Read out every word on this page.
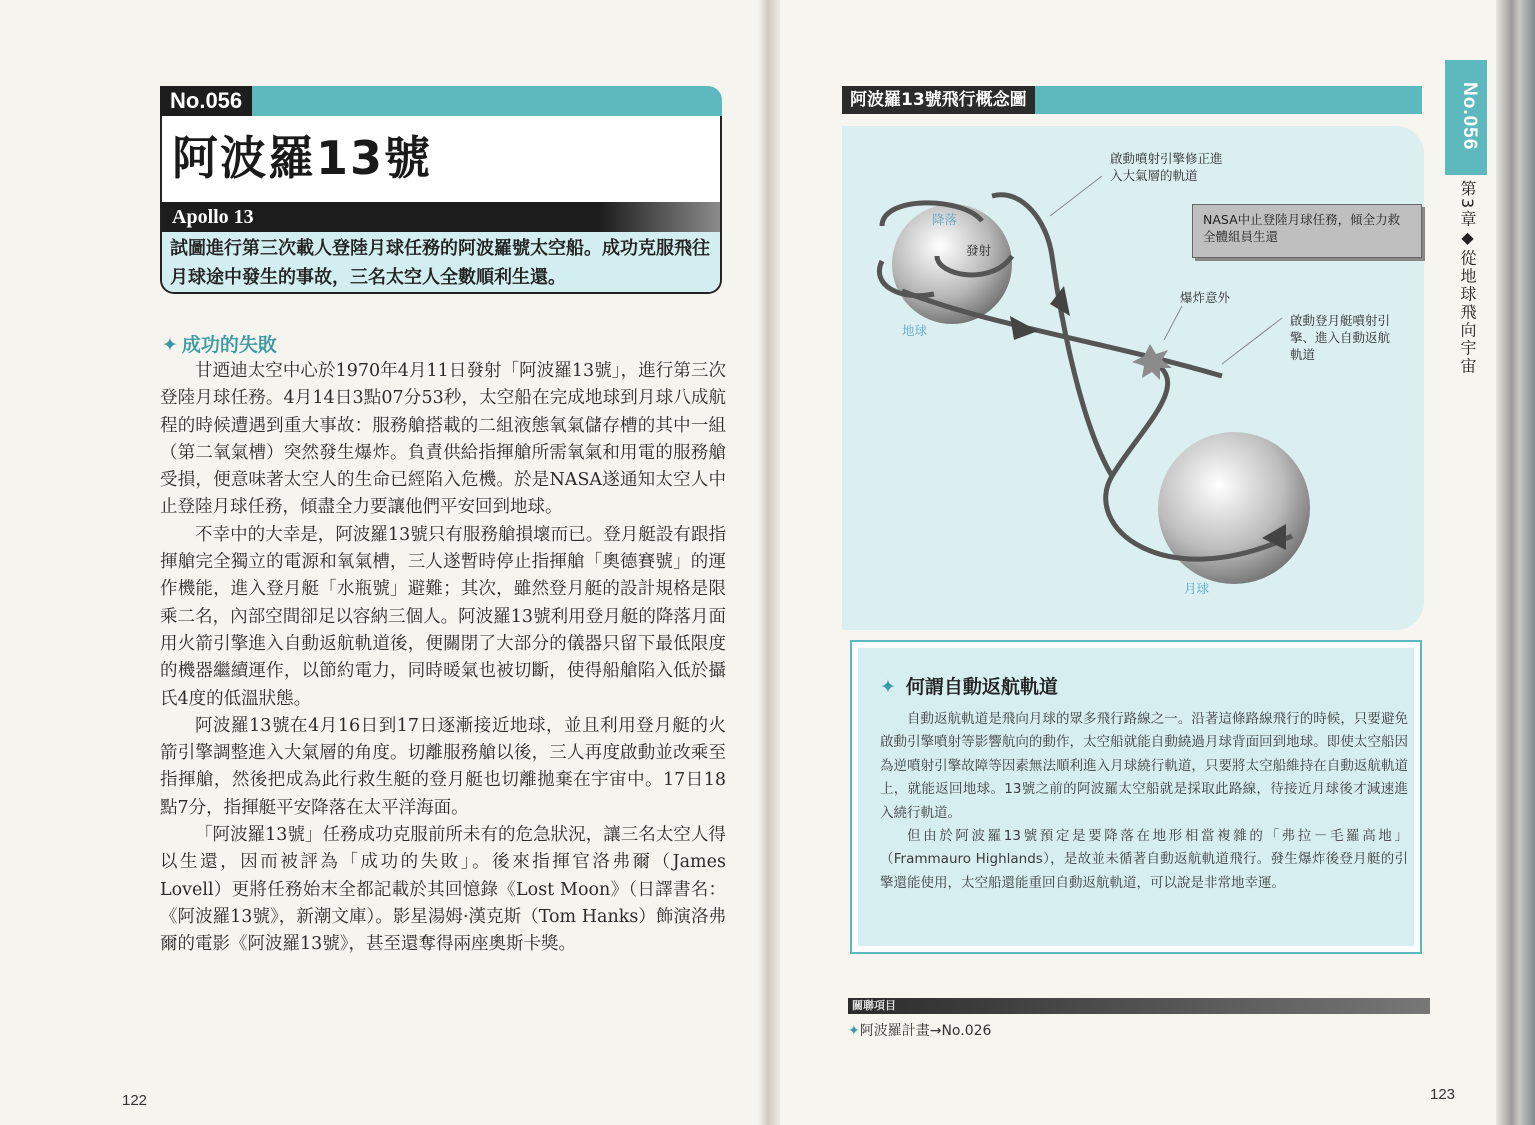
No.056
阿波羅13號
Apollo 13
試圖進行第三次載人登陸月球任務的阿波羅號太空船。成功克服飛往月球途中發生的事故，三名太空人全數順利生還。
✦ 成功的失敗

甘迺迪太空中心於1970年4月11日發射「阿波羅13號」，進行第三次登陸月球任務。4月14日3點07分53秒，太空船在完成地球到月球八成航程的時候遭遇到重大事故：服務艙搭載的二組液態氧氣儲存槽的其中一組（第二氧氣槽）突然發生爆炸。負責供給指揮艙所需氧氣和用電的服務艙受損，便意味著太空人的生命已經陷入危機。於是NASA遂通知太空人中止登陸月球任務，傾盡全力要讓他們平安回到地球。

不幸中的大幸是，阿波羅13號只有服務艙損壞而已。登月艇設有跟指揮艙完全獨立的電源和氧氣槽，三人遂暫時停止指揮艙「奧德賽號」的運作機能，進入登月艇「水瓶號」避難；其次，雖然登月艇的設計規格是限乘二名，內部空間卻足以容納三個人。阿波羅13號利用登月艇的降落月面用火箭引擎進入自動返航軌道後，便關閉了大部分的儀器只留下最低限度的機器繼續運作，以節約電力，同時暖氣也被切斷，使得船艙陷入低於攝氏4度的低溫狀態。

阿波羅13號在4月16日到17日逐漸接近地球，並且利用登月艇的火箭引擎調整進入大氣層的角度。切離服務艙以後，三人再度啟動並改乘至指揮艙，然後把成為此行救生艇的登月艇也切離拋棄在宇宙中。17日18點7分，指揮艇平安降落在太平洋海面。

「阿波羅13號」任務成功克服前所未有的危急狀況，讓三名太空人得以生還，因而被評為「成功的失敗」。後來指揮官洛弗爾（James Lovell）更將任務始末全都記載於其回憶錄《Lost Moon》（日譯書名：《阿波羅13號》，新潮文庫）。影星湯姆·漢克斯（Tom Hanks）飾演洛弗爾的電影《阿波羅13號》，甚至還奪得兩座奧斯卡獎。

122
阿波羅13號飛行概念圖
啟動噴射引擎修正進入大氣層的軌道
降落
發射
地球
NASA中止登陸月球任務，傾全力救全體組員生還
爆炸意外
啟動登月艇噴射引擎、進入自動返航軌道
月球
✦ 何謂自動返航軌道

自動返航軌道是飛向月球的眾多飛行路線之一。沿著這條路線飛行的時候，只要避免啟動引擎噴射等影響航向的動作，太空船就能自動繞過月球背面回到地球。即使太空船因為逆噴射引擎故障等因素無法順利進入月球繞行軌道，只要將太空船維持在自動返航軌道上，就能返回地球。13號之前的阿波羅太空船就是採取此路線，待接近月球後才減速進入繞行軌道。

但由於阿波羅13號預定是要降落在地形相當複雜的「弗拉－毛羅高地」（Frammauro Highlands），是故並未循著自動返航軌道飛行。發生爆炸後登月艇的引擎還能使用，太空船還能重回自動返航軌道，可以說是非常地幸運。

關聯項目
✦阿波羅計畫→No.026
No.056
第3章◆從地球飛向宇宙
123
